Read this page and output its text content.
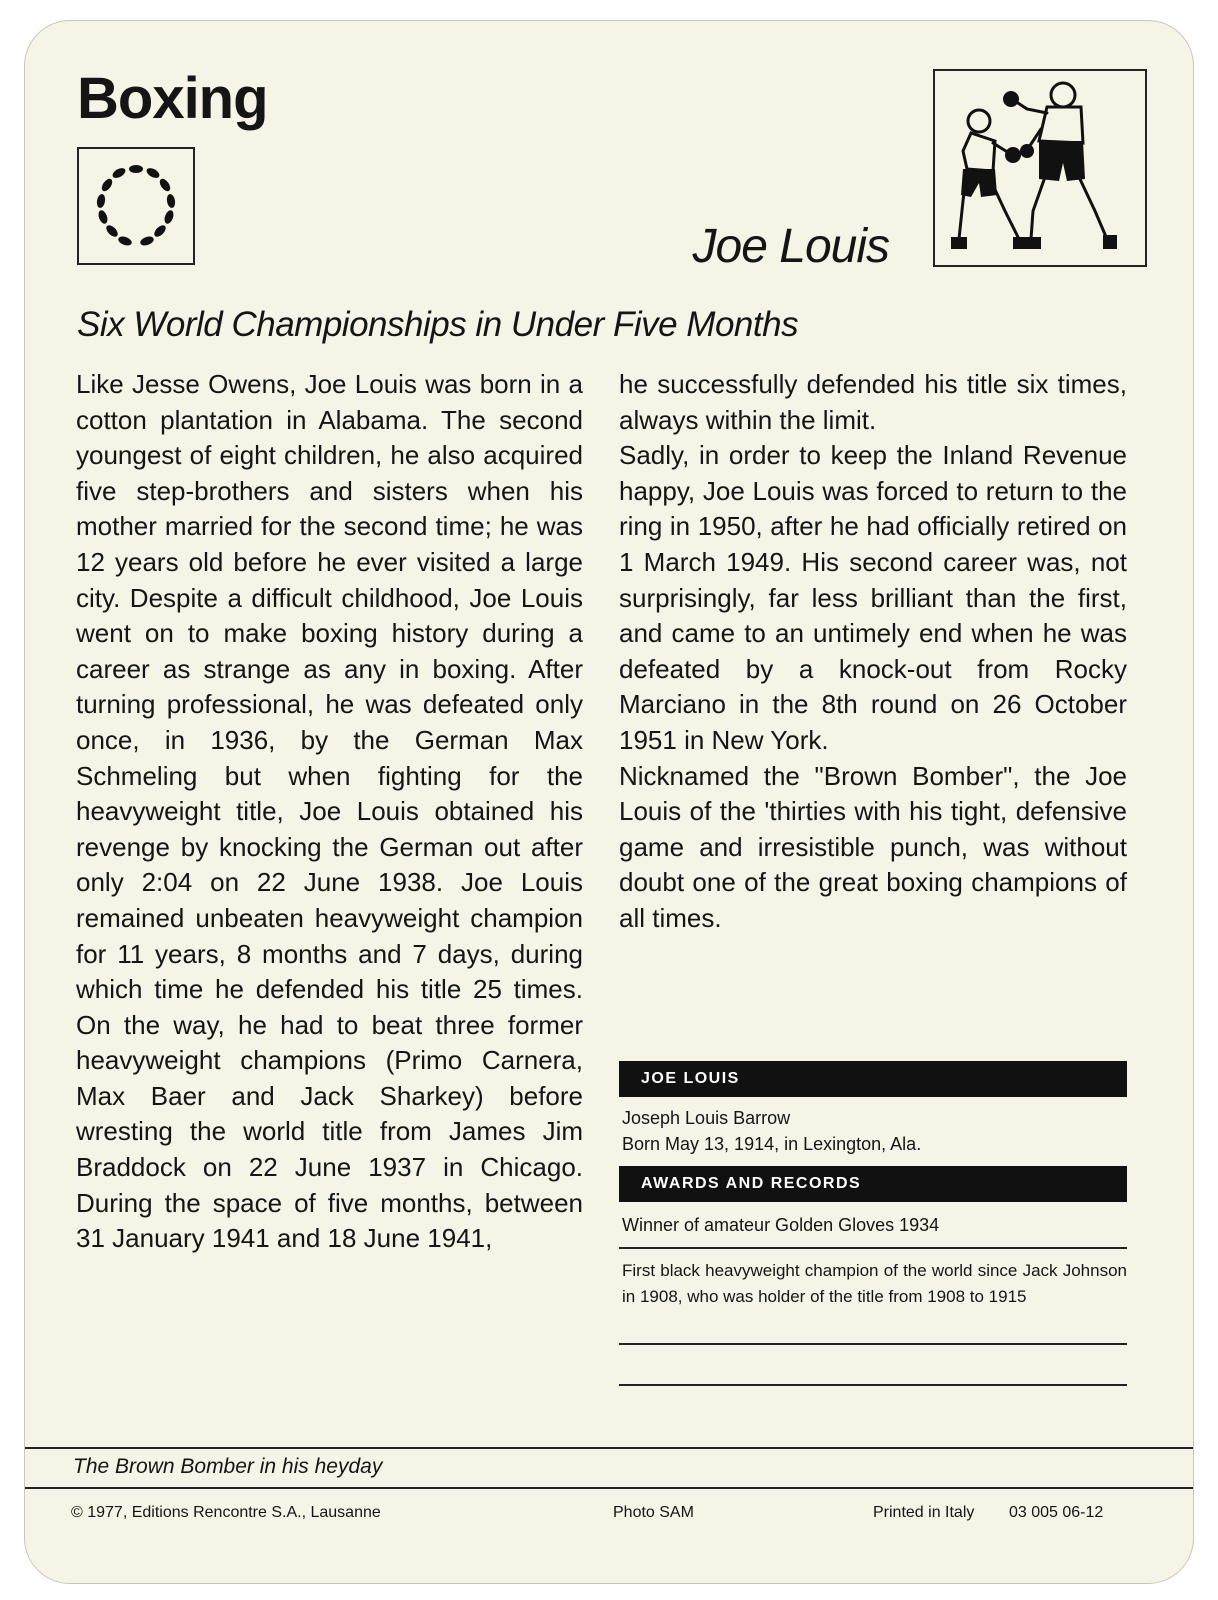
Boxing
Joe Louis
Six World Championships in Under Five Months

Like Jesse Owens, Joe Louis was born in a cotton plantation in Alabama. The second youngest of eight children, he also acquired five step-brothers and sisters when his mother married for the second time; he was 12 years old before he ever visited a large city. Despite a difficult childhood, Joe Louis went on to make boxing history during a career as strange as any in boxing. After turning professional, he was defeated only once, in 1936, by the German Max Schmeling but when fighting for the heavyweight title, Joe Louis obtained his revenge by knocking the German out after only 2:04 on 22 June 1938. Joe Louis remained unbeaten heavyweight champion for 11 years, 8 months and 7 days, during which time he defended his title 25 times. On the way, he had to beat three former heavyweight champions (Primo Carnera, Max Baer and Jack Sharkey) before wresting the world title from James Jim Braddock on 22 June 1937 in Chicago. During the space of five months, between 31 January 1941 and 18 June 1941,

he successfully defended his title six times, always within the limit.

Sadly, in order to keep the Inland Revenue happy, Joe Louis was forced to return to the ring in 1950, after he had officially retired on 1 March 1949. His second career was, not surprisingly, far less brilliant than the first, and came to an untimely end when he was defeated by a knock-out from Rocky Marciano in the 8th round on 26 October 1951 in New York.

Nicknamed the "Brown Bomber", the Joe Louis of the 'thirties with his tight, defensive game and irresistible punch, was without doubt one of the great boxing champions of all times.

JOE LOUIS
Joseph Louis Barrow
Born May 13, 1914, in Lexington, Ala.
AWARDS AND RECORDS
Winner of amateur Golden Gloves 1934
First black heavyweight champion of the world since Jack Johnson in 1908, who was holder of the title from 1908 to 1915
The Brown Bomber in his heyday
© 1977, Editions Rencontre S.A., Lausanne	Photo SAM	Printed in Italy 03 005 06-12
